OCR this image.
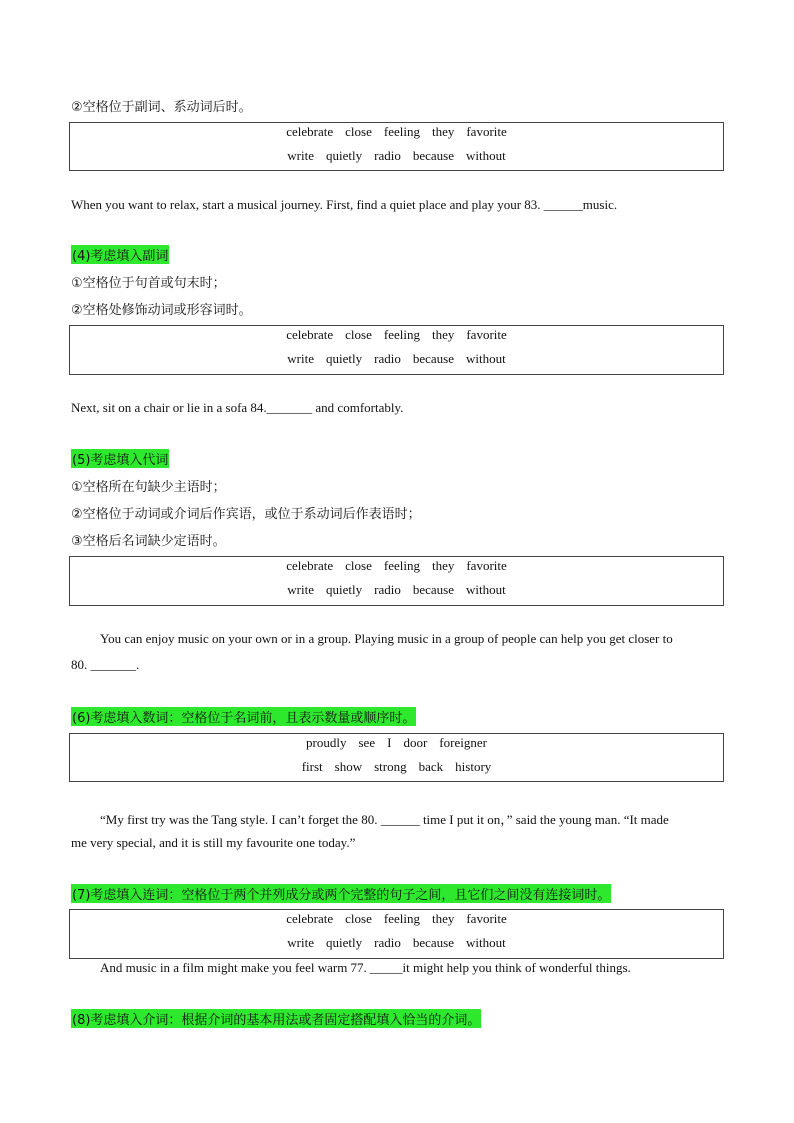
②空格位于副词、系动词后时。
celebrate close feeling they favorite
write quietly radio because without
When you want to relax, start a musical journey. First, find a quiet place and play your 83. ______music.
(4)考虑填入副词
①空格位于句首或句末时；
②空格处修饰动词或形容词时。
celebrate close feeling they favorite
write quietly radio because without
Next, sit on a chair or lie in a sofa 84._______ and comfortably.
(5)考虑填入代词
①空格所在句缺少主语时；
②空格位于动词或介词后作宾语，或位于系动词后作表语时；
③空格后名词缺少定语时。
celebrate close feeling they favorite
write quietly radio because without
You can enjoy music on your own or in a group. Playing music in a group of people can help you get closer to
80. _______.
(6)考虑填入数词：空格位于名词前，且表示数量或顺序时。
proudly see I door foreigner
first show strong back history
“My first try was the Tang style. I can’t forget the 80. ______ time I put it on，” said the young man. “It made
me very special, and it is still my favourite one today.”
(7)考虑填入连词：空格位于两个并列成分或两个完整的句子之间，且它们之间没有连接词时。
celebrate close feeling they favorite
write quietly radio because without
And music in a film might make you feel warm 77. _____it might help you think of wonderful things.
(8)考虑填入介词：根据介词的基本用法或者固定搭配填入恰当的介词。
